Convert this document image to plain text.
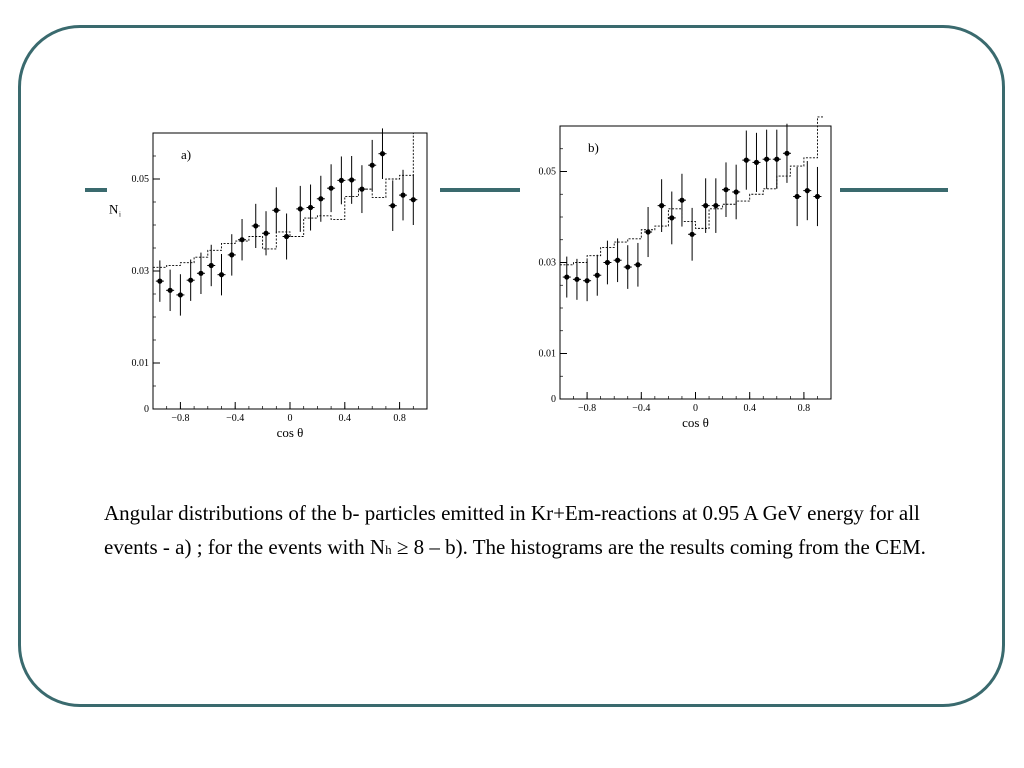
a)
−0.8	−0.4	0	0.4	0.8
0
0.01
0.03
0.05
cos θ
N i
b)
−0.8	−0.4	0	0.4	0.8
0
0.01
0.03
0.05
cos θ

Angular distributions of the b- particles emitted in Kr+Em-reactions at 0.95 A GeV energy for all events - a) ; for the events with Nh ≥ 8 – b). The histograms are the results coming from the CEM.
